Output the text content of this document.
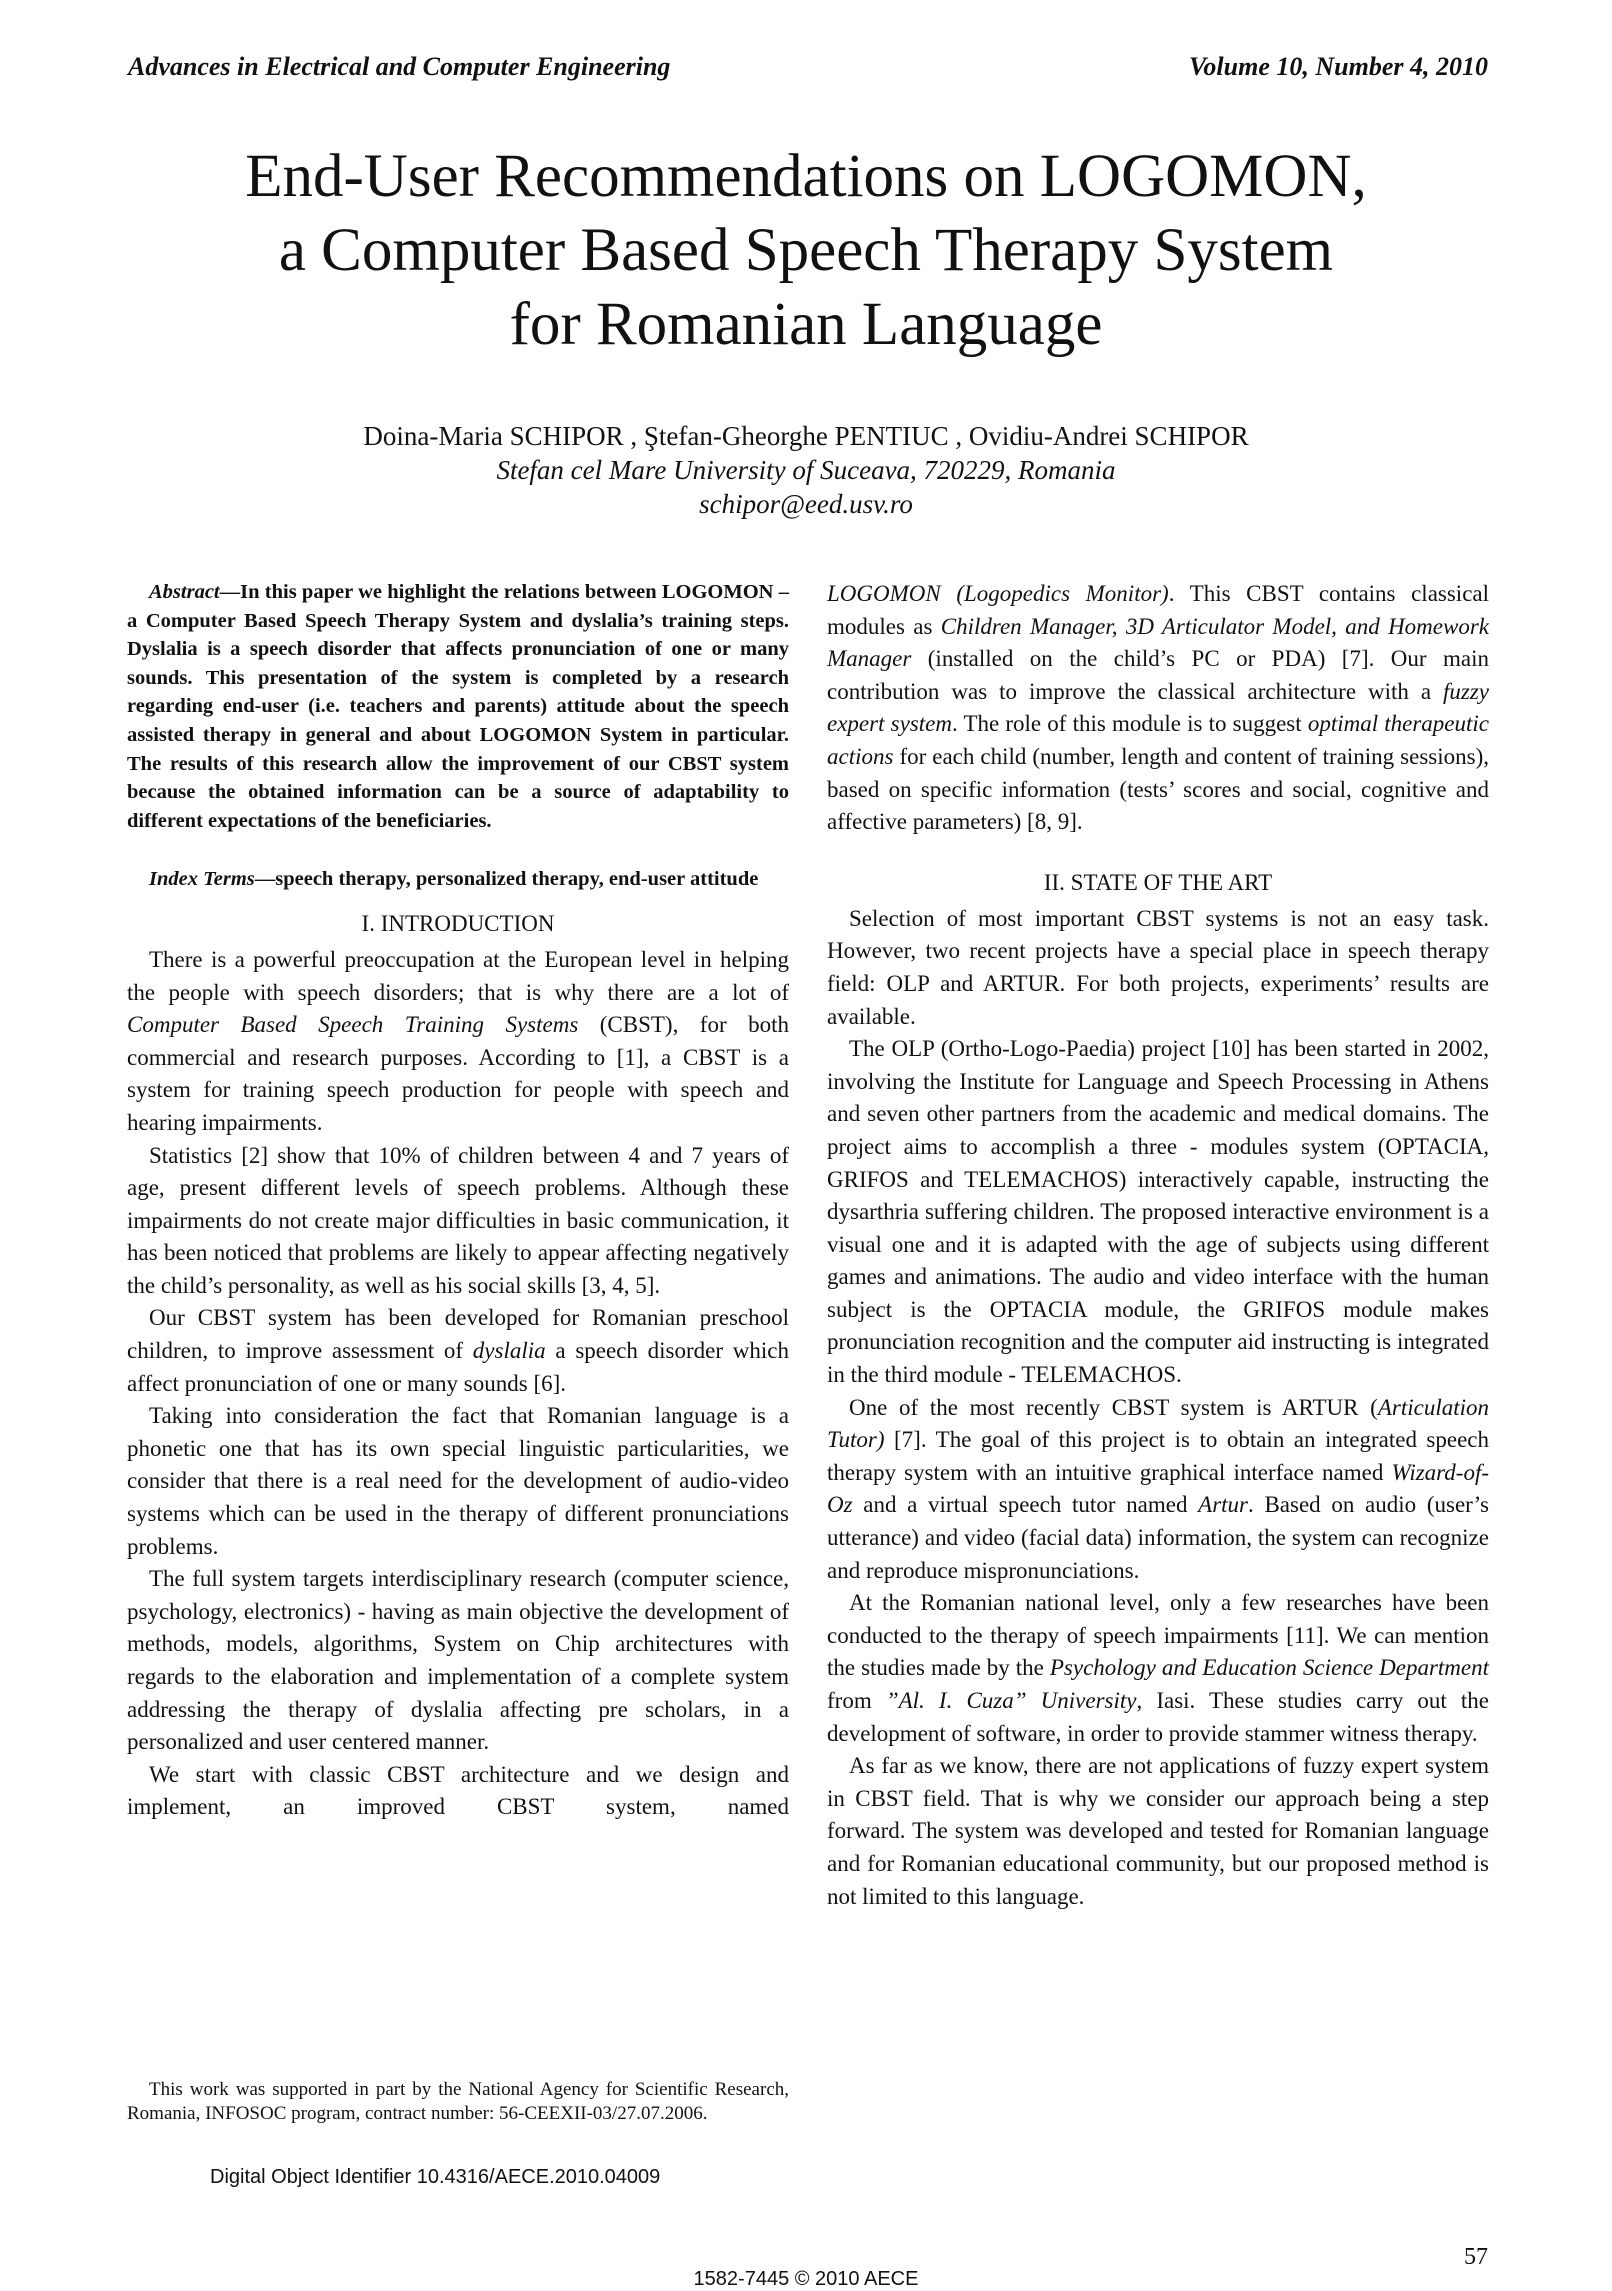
Advances in Electrical and Computer Engineering	Volume 10, Number 4, 2010
End-User Recommendations on LOGOMON,
a Computer Based Speech Therapy System
for Romanian Language
Doina-Maria SCHIPOR , Ştefan-Gheorghe PENTIUC , Ovidiu-Andrei SCHIPOR
Stefan cel Mare University of Suceava, 720229, Romania
schipor@eed.usv.ro

Abstract—In this paper we highlight the relations between LOGOMON – a Computer Based Speech Therapy System and dyslalia’s training steps. Dyslalia is a speech disorder that affects pronunciation of one or many sounds. This presentation of the system is completed by a research regarding end-user (i.e. teachers and parents) attitude about the speech assisted therapy in general and about LOGOMON System in particular. The results of this research allow the improvement of our CBST system because the obtained information can be a source of adaptability to different expectations of the beneficiaries.

Index Terms—speech therapy, personalized therapy, end-user attitude

I. INTRODUCTION

There is a powerful preoccupation at the European level in helping the people with speech disorders; that is why there are a lot of Computer Based Speech Training Systems (CBST), for both commercial and research purposes. According to [1], a CBST is a system for training speech production for people with speech and hearing impairments.

Statistics [2] show that 10% of children between 4 and 7 years of age, present different levels of speech problems. Although these impairments do not create major difficulties in basic communication, it has been noticed that problems are likely to appear affecting negatively the child’s personality, as well as his social skills [3, 4, 5].

Our CBST system has been developed for Romanian preschool children, to improve assessment of dyslalia a speech disorder which affect pronunciation of one or many sounds [6].

Taking into consideration the fact that Romanian language is a phonetic one that has its own special linguistic particularities, we consider that there is a real need for the development of audio-video systems which can be used in the therapy of different pronunciations problems.

The full system targets interdisciplinary research (computer science, psychology, electronics) - having as main objective the development of methods, models, algorithms, System on Chip architectures with regards to the elaboration and implementation of a complete system addressing the therapy of dyslalia affecting pre scholars, in a personalized and user centered manner.

We start with classic CBST architecture and we design and implement, an improved CBST system, named

LOGOMON (Logopedics Monitor). This CBST contains classical modules as Children Manager, 3D Articulator Model, and Homework Manager (installed on the child’s PC or PDA) [7]. Our main contribution was to improve the classical architecture with a fuzzy expert system. The role of this module is to suggest optimal therapeutic actions for each child (number, length and content of training sessions), based on specific information (tests’ scores and social, cognitive and affective parameters) [8, 9].

II. STATE OF THE ART

Selection of most important CBST systems is not an easy task. However, two recent projects have a special place in speech therapy field: OLP and ARTUR. For both projects, experiments’ results are available.

The OLP (Ortho-Logo-Paedia) project [10] has been started in 2002, involving the Institute for Language and Speech Processing in Athens and seven other partners from the academic and medical domains. The project aims to accomplish a three - modules system (OPTACIA, GRIFOS and TELEMACHOS) interactively capable, instructing the dysarthria suffering children. The proposed interactive environment is a visual one and it is adapted with the age of subjects using different games and animations. The audio and video interface with the human subject is the OPTACIA module, the GRIFOS module makes pronunciation recognition and the computer aid instructing is integrated in the third module - TELEMACHOS.

One of the most recently CBST system is ARTUR (Articulation Tutor) [7]. The goal of this project is to obtain an integrated speech therapy system with an intuitive graphical interface named Wizard-of-Oz and a virtual speech tutor named Artur. Based on audio (user’s utterance) and video (facial data) information, the system can recognize and reproduce mispronunciations.

At the Romanian national level, only a few researches have been conducted to the therapy of speech impairments [11]. We can mention the studies made by the Psychology and Education Science Department from ”Al. I. Cuza” University, Iasi. These studies carry out the development of software, in order to provide stammer witness therapy.

As far as we know, there are not applications of fuzzy expert system in CBST field. That is why we consider our approach being a step forward. The system was developed and tested for Romanian language and for Romanian educational community, but our proposed method is not limited to this language.

This work was supported in part by the National Agency for Scientific Research, Romania, INFOSOC program, contract number: 56-CEEXII-03/27.07.2006.
Digital Object Identifier 10.4316/AECE.2010.04009
57
1582-7445 © 2010 AECE
